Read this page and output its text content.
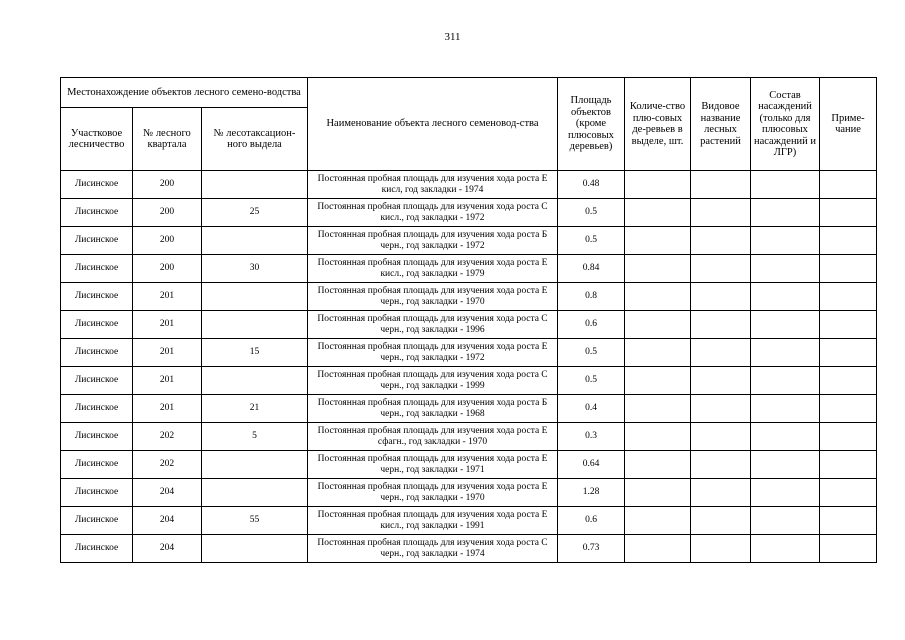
311
Местонахождение объектов лесного семено-водства			Наименование объекта лесного семеновод-ства	Площадь объектов (кроме плюсовых деревьев)	Количе-ство плю-совых де-ревьев в выделе, шт.	Видовое название лесных растений	Состав насаждений (только для плюсовых насаждений и ЛГР)	Приме-чание

Участковое лесничество	№ лесного квартала	№ лесотаксацион-ного выдела						

Лисинское	200		Постоянная пробная площадь для изучения хода роста Е кисл, год закладки - 1974	0.48				
Лисинское	200	25	Постоянная пробная площадь для изучения хода роста С кисл., год закладки - 1972	0.5				
Лисинское	200		Постоянная пробная площадь для изучения хода роста Б черн., год закладки - 1972	0.5				
Лисинское	200	30	Постоянная пробная площадь для изучения хода роста Е кисл., год закладки - 1979	0.84				
Лисинское	201		Постоянная пробная площадь для изучения хода роста Е черн., год закладки - 1970	0.8				
Лисинское	201		Постоянная пробная площадь для изучения хода роста С черн., год закладки - 1996	0.6				
Лисинское	201	15	Постоянная пробная площадь для изучения хода роста Е черн., год закладки - 1972	0.5				
Лисинское	201		Постоянная пробная площадь для изучения хода роста С черн., год закладки - 1999	0.5				
Лисинское	201	21	Постоянная пробная площадь для изучения хода роста Б черн., год закладки - 1968	0.4				
Лисинское	202	5	Постоянная пробная площадь для изучения хода роста Е сфагн., год закладки - 1970	0.3				
Лисинское	202		Постоянная пробная площадь для изучения хода роста Е черн., год закладки - 1971	0.64				
Лисинское	204		Постоянная пробная площадь для изучения хода роста Е черн., год закладки - 1970	1.28				
Лисинское	204	55	Постоянная пробная площадь для изучения хода роста Е кисл., год закладки - 1991	0.6				
Лисинское	204		Постоянная пробная площадь для изучения хода роста С черн., год закладки - 1974	0.73				
